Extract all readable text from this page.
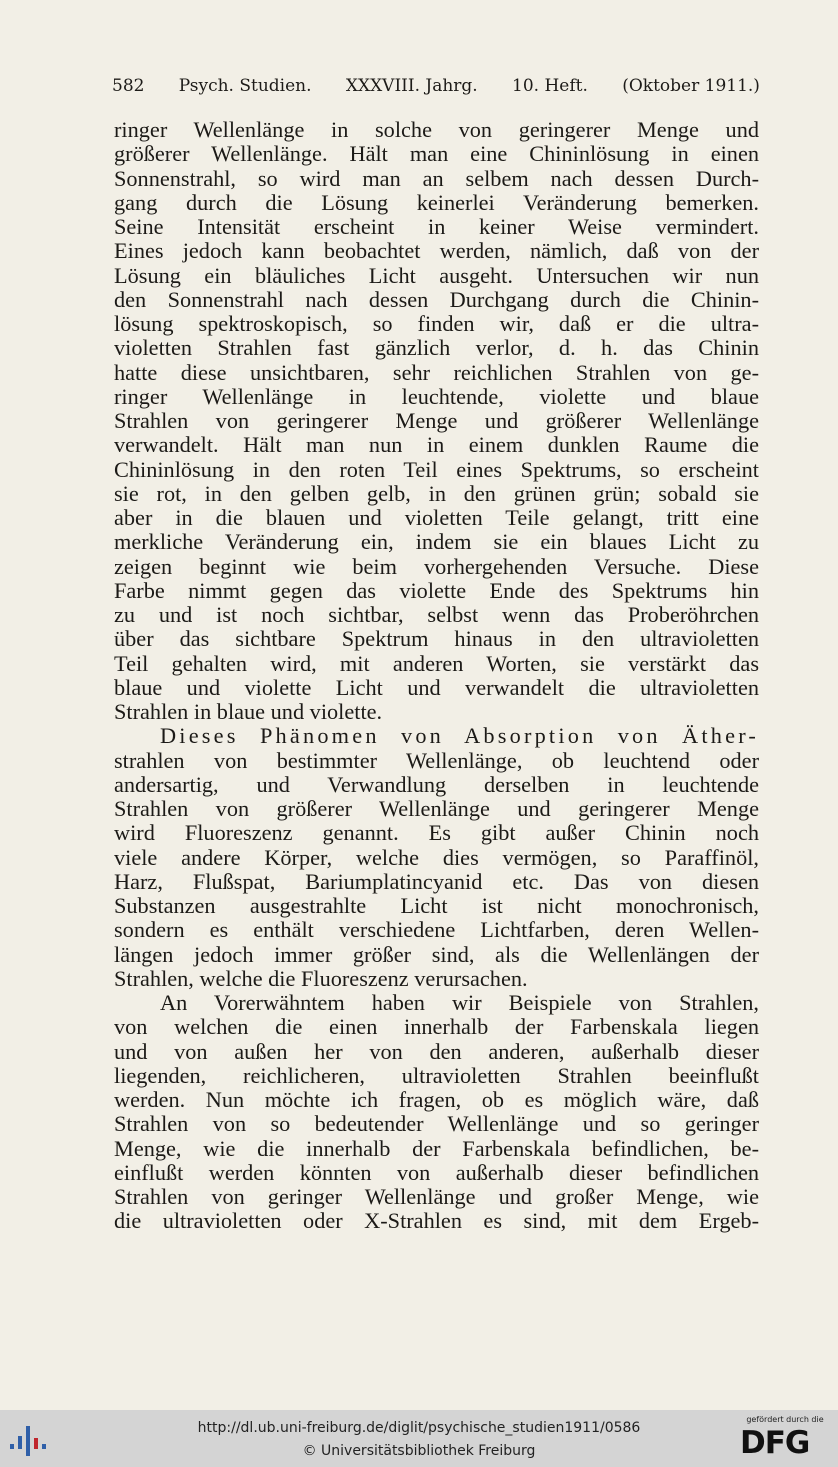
582 Psych. Studien. XXXVIII. Jahrg. 10. Heft. (Oktober 1911.)
ringer Wellenlänge in solche von geringerer Menge und
größerer Wellenlänge. Hält man eine Chininlösung in einen
Sonnenstrahl, so wird man an selbem nach dessen Durch-
gang durch die Lösung keinerlei Veränderung bemerken.
Seine Intensität erscheint in keiner Weise vermindert.
Eines jedoch kann beobachtet werden, nämlich, daß von der
Lösung ein bläuliches Licht ausgeht. Untersuchen wir nun
den Sonnenstrahl nach dessen Durchgang durch die Chinin-
lösung spektroskopisch, so finden wir, daß er die ultra-
violetten Strahlen fast gänzlich verlor, d. h. das Chinin
hatte diese unsichtbaren, sehr reichlichen Strahlen von ge-
ringer Wellenlänge in leuchtende, violette und blaue
Strahlen von geringerer Menge und größerer Wellenlänge
verwandelt. Hält man nun in einem dunklen Raume die
Chininlösung in den roten Teil eines Spektrums, so erscheint
sie rot, in den gelben gelb, in den grünen grün; sobald sie
aber in die blauen und violetten Teile gelangt, tritt eine
merkliche Veränderung ein, indem sie ein blaues Licht zu
zeigen beginnt wie beim vorhergehenden Versuche. Diese
Farbe nimmt gegen das violette Ende des Spektrums hin
zu und ist noch sichtbar, selbst wenn das Proberöhrchen
über das sichtbare Spektrum hinaus in den ultravioletten
Teil gehalten wird, mit anderen Worten, sie verstärkt das
blaue und violette Licht und verwandelt die ultravioletten
Strahlen in blaue und violette.
Dieses Phänomen von Absorption von Äther-
strahlen von bestimmter Wellenlänge, ob leuchtend oder
andersartig, und Verwandlung derselben in leuchtende
Strahlen von größerer Wellenlänge und geringerer Menge
wird Fluoreszenz genannt. Es gibt außer Chinin noch
viele andere Körper, welche dies vermögen, so Paraffinöl,
Harz, Flußspat, Bariumplatincyanid etc. Das von diesen
Substanzen ausgestrahlte Licht ist nicht monochronisch,
sondern es enthält verschiedene Lichtfarben, deren Wellen-
längen jedoch immer größer sind, als die Wellenlängen der
Strahlen, welche die Fluoreszenz verursachen.
An Vorerwähntem haben wir Beispiele von Strahlen,
von welchen die einen innerhalb der Farbenskala liegen
und von außen her von den anderen, außerhalb dieser
liegenden, reichlicheren, ultravioletten Strahlen beeinflußt
werden. Nun möchte ich fragen, ob es möglich wäre, daß
Strahlen von so bedeutender Wellenlänge und so geringer
Menge, wie die innerhalb der Farbenskala befindlichen, be-
einflußt werden könnten von außerhalb dieser befindlichen
Strahlen von geringer Wellenlänge und großer Menge, wie
die ultravioletten oder X-Strahlen es sind, mit dem Ergeb-
http://dl.ub.uni-freiburg.de/diglit/psychische_studien1911/0586
© Universitätsbibliothek Freiburg
gefördert durch die
DFG
